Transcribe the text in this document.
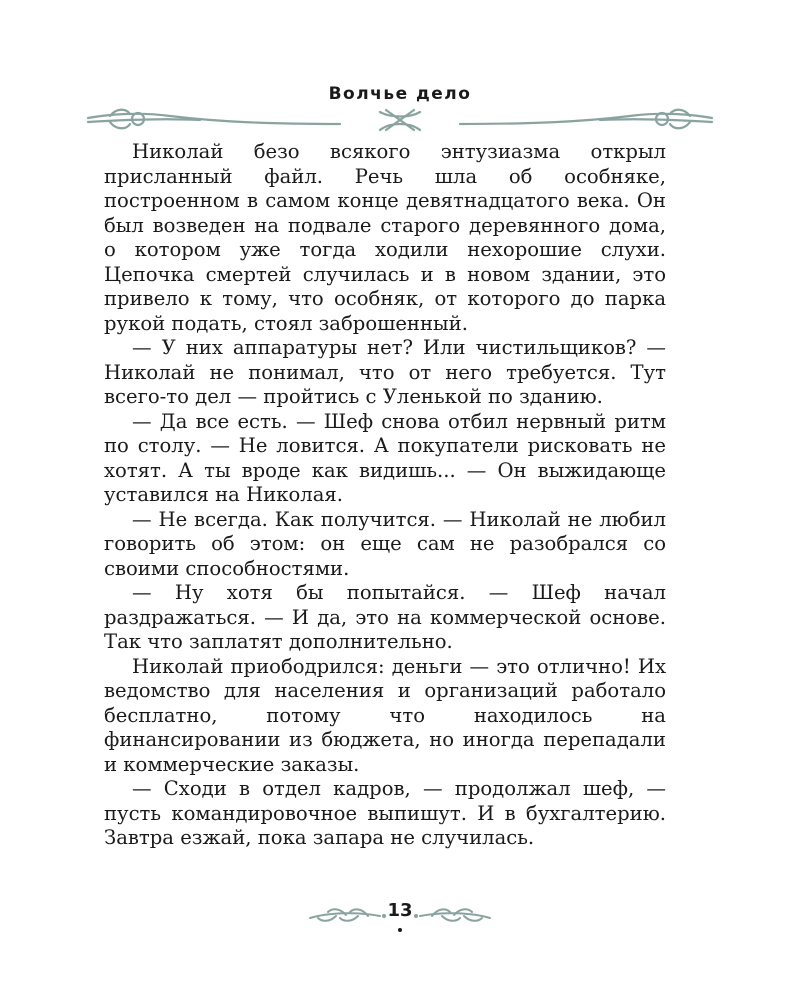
Волчье дело

Николай безо всякого энтузиазма открыл присланный файл. Речь шла об особняке, построенном в самом конце девятнадцатого века. Он был возведен на подвале старого деревянного дома, о котором уже тогда ходили нехорошие слухи. Цепочка смертей случилась и в новом здании, это привело к тому, что особняк, от которого до парка рукой подать, стоял заброшенный.

— У них аппаратуры нет? Или чистильщиков? — Николай не понимал, что от него требуется. Тут всего-то дел — пройтись с Уленькой по зданию.

— Да все есть. — Шеф снова отбил нервный ритм по столу. — Не ловится. А покупатели рисковать не хотят. А ты вроде как видишь... — Он выжидающе уставился на Николая.

— Не всегда. Как получится. — Николай не любил говорить об этом: он еще сам не разобрался со своими способностями.

— Ну хотя бы попытайся. — Шеф начал раздражаться. — И да, это на коммерческой основе. Так что заплатят дополнительно.

Николай приободрился: деньги — это отлично! Их ведомство для населения и организаций работало бесплатно, потому что находилось на финансировании из бюджета, но иногда перепадали и коммерческие заказы.

— Сходи в отдел кадров, — продолжал шеф, — пусть командировочное выпишут. И в бухгалтерию. Завтра езжай, пока запара не случилась.

13
